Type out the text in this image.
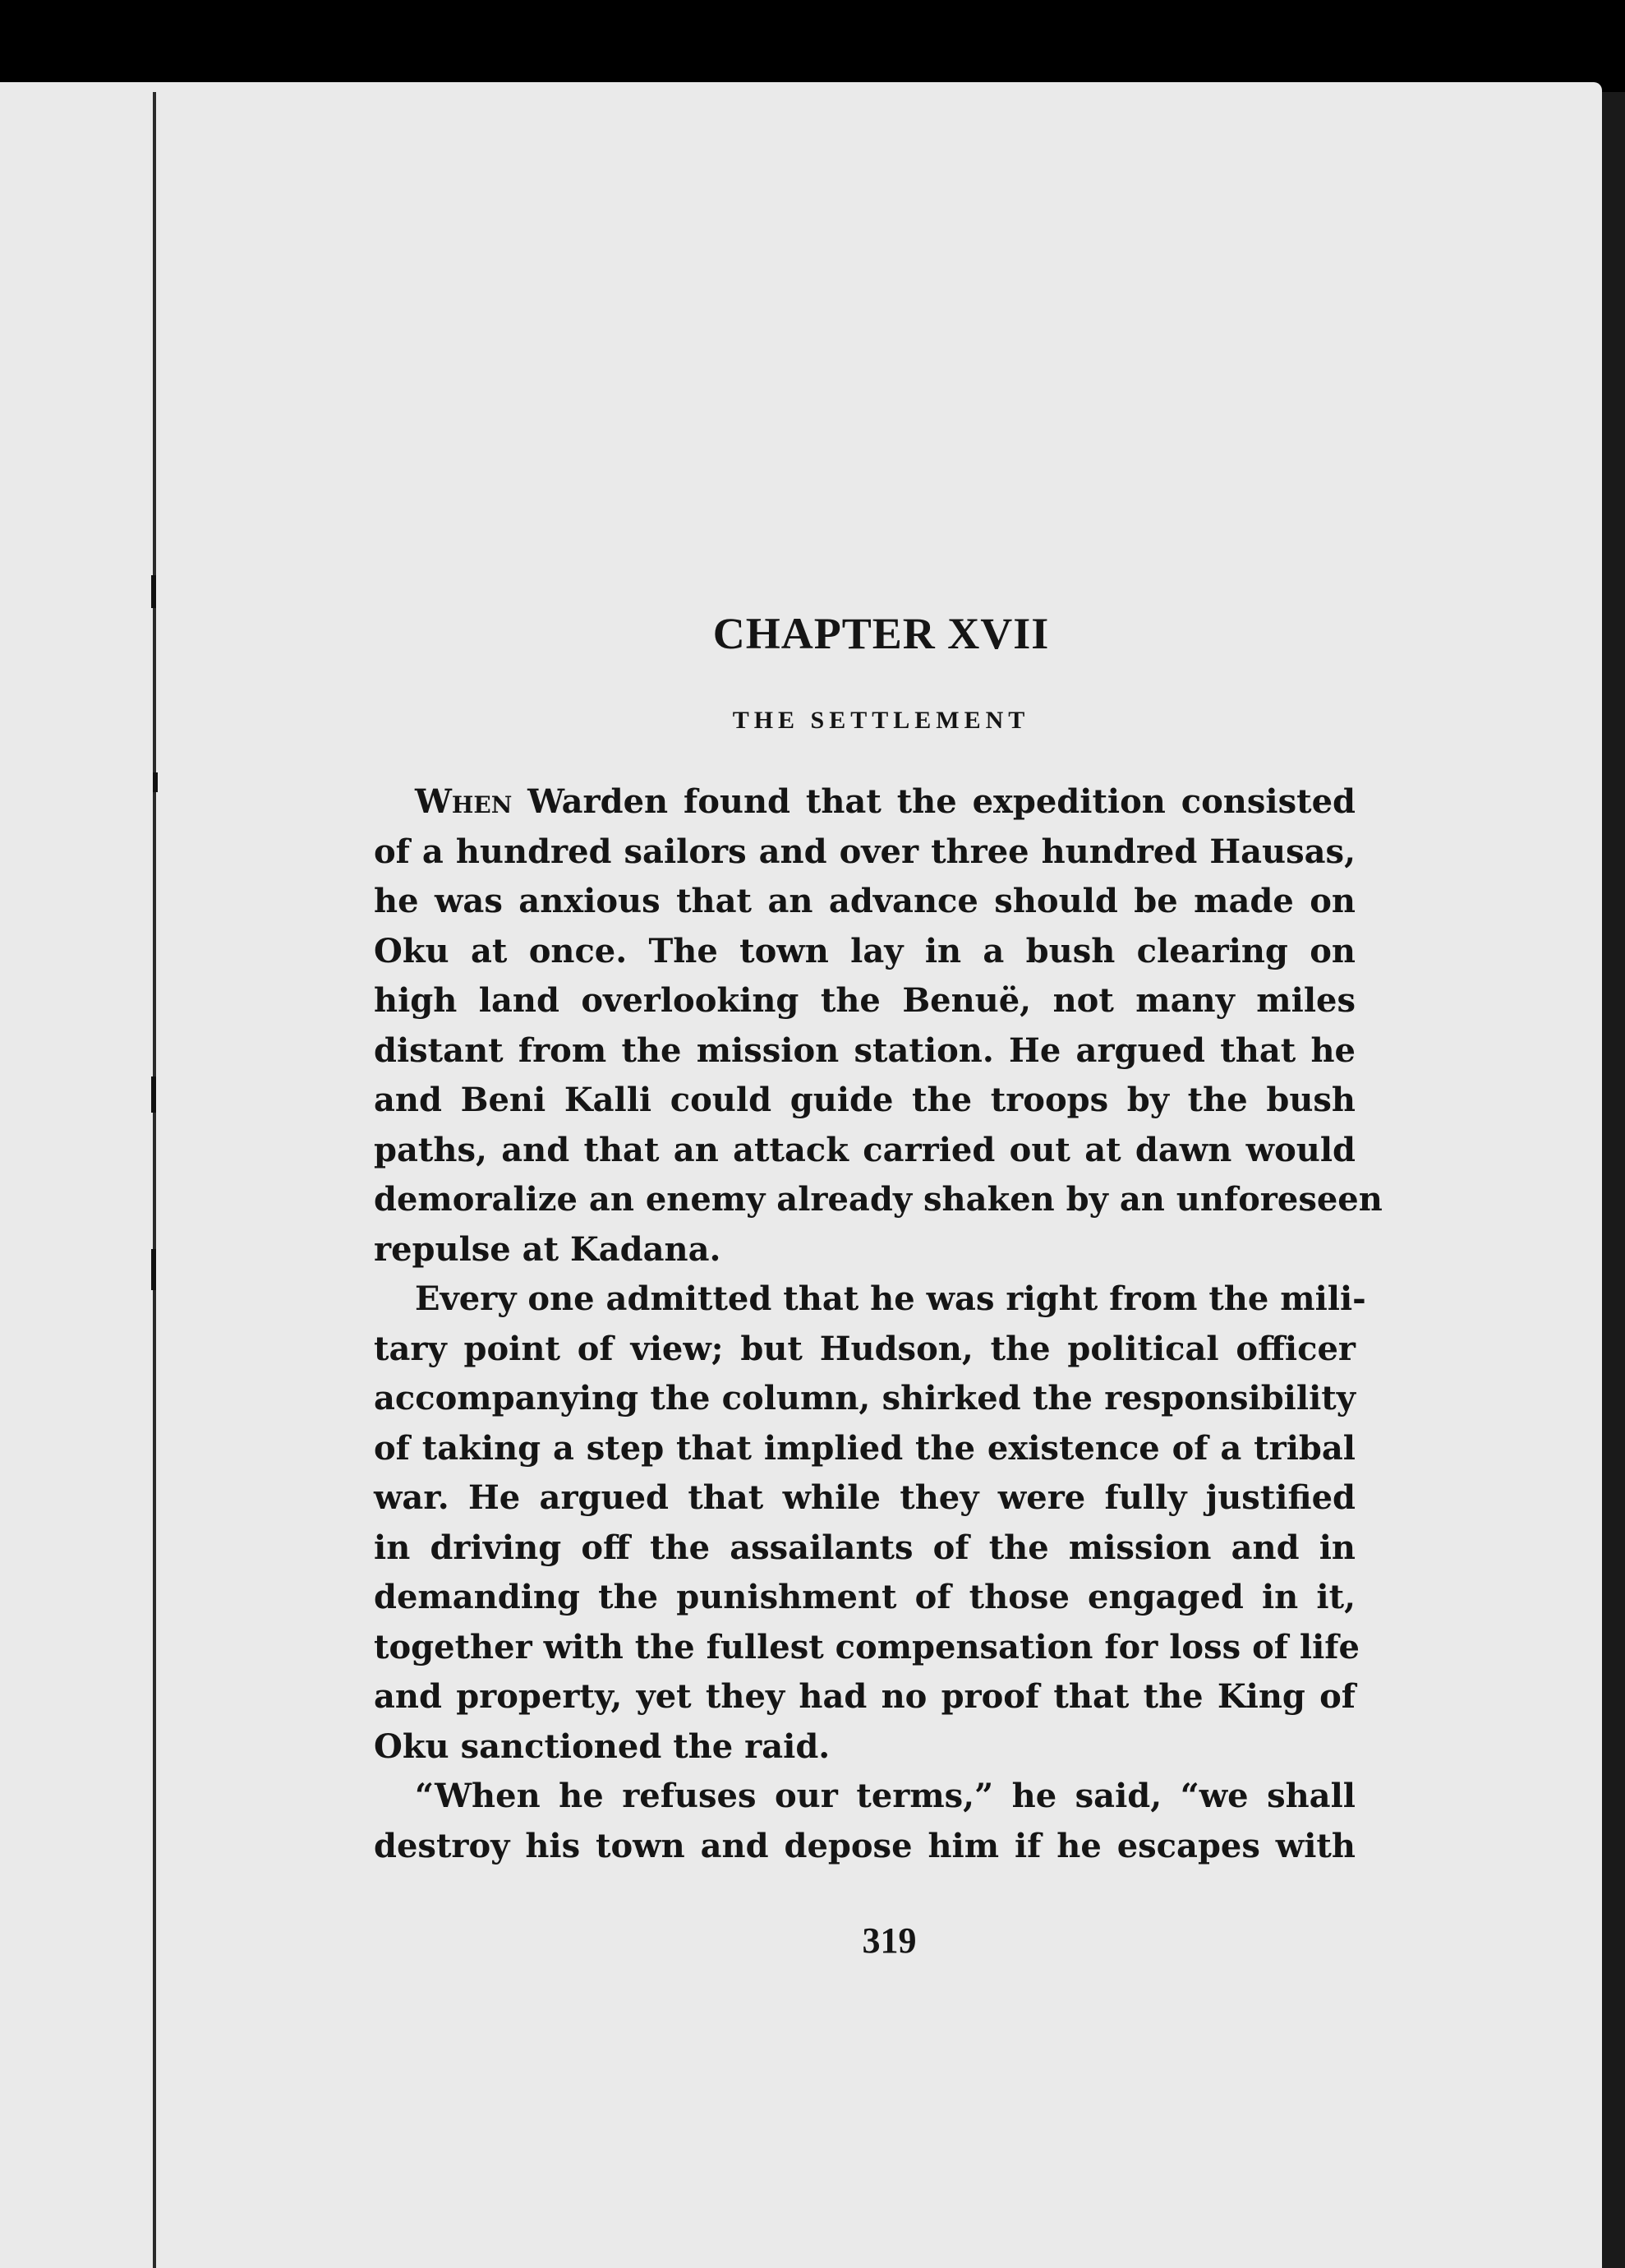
CHAPTER XVII
THE SETTLEMENT

When Warden found that the expedition consisted
of a hundred sailors and over three hundred Hausas,
he was anxious that an advance should be made on
Oku at once. The town lay in a bush clearing on
high land overlooking the Benuë, not many miles
distant from the mission station. He argued that he
and Beni Kalli could guide the troops by the bush
paths, and that an attack carried out at dawn would
demoralize an enemy already shaken by an unforeseen
repulse at Kadana.

Every one admitted that he was right from the mili-
tary point of view; but Hudson, the political officer
accompanying the column, shirked the responsibility
of taking a step that implied the existence of a tribal
war. He argued that while they were fully justified
in driving off the assailants of the mission and in
demanding the punishment of those engaged in it,
together with the fullest compensation for loss of life
and property, yet they had no proof that the King of
Oku sanctioned the raid.

“When he refuses our terms,” he said, “we shall
destroy his town and depose him if he escapes with

319
